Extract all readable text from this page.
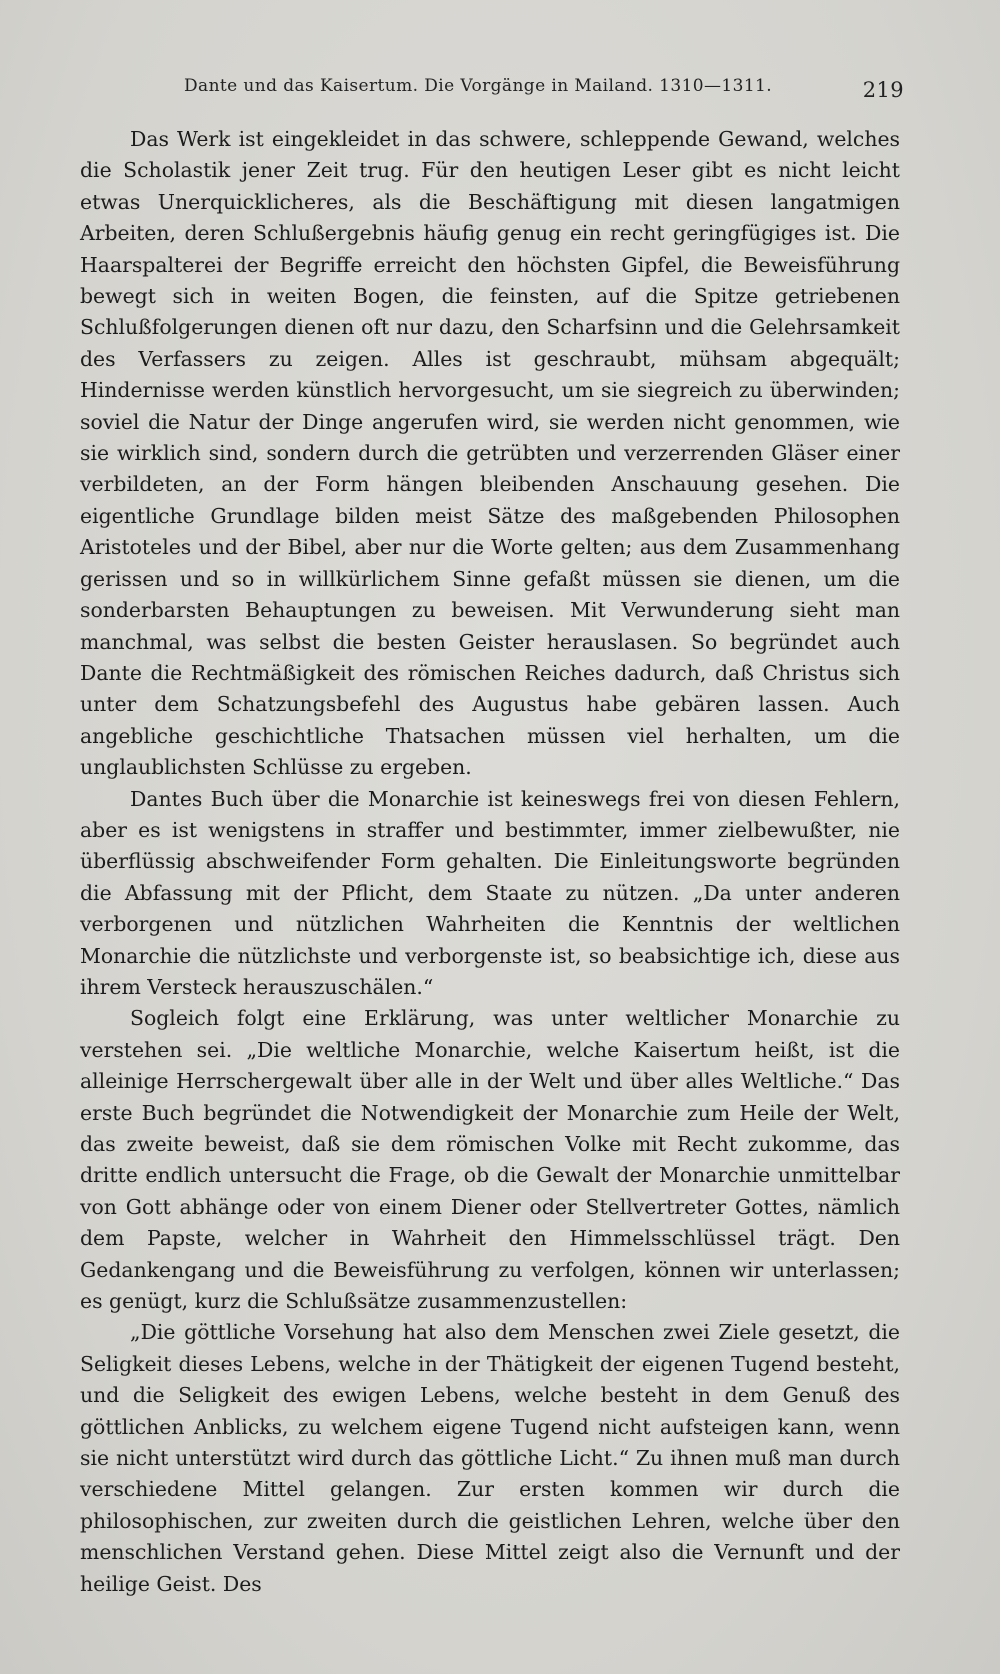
Dante und das Kaisertum. Die Vorgänge in Mailand. 1310—1311.	219

Das Werk ist eingekleidet in das schwere, schleppende Gewand, welches die Scholastik jener Zeit trug. Für den heutigen Leser gibt es nicht leicht etwas Unerquicklicheres, als die Beschäftigung mit diesen langatmigen Arbeiten, deren Schlußergebnis häufig genug ein recht geringfügiges ist. Die Haarspalterei der Begriffe erreicht den höchsten Gipfel, die Beweisführung bewegt sich in weiten Bogen, die feinsten, auf die Spitze getriebenen Schlußfolgerungen dienen oft nur dazu, den Scharfsinn und die Gelehrsamkeit des Verfassers zu zeigen. Alles ist geschraubt, mühsam abgequält; Hindernisse werden künstlich hervorgesucht, um sie siegreich zu überwinden; soviel die Natur der Dinge angerufen wird, sie werden nicht genommen, wie sie wirklich sind, sondern durch die getrübten und verzerrenden Gläser einer verbildeten, an der Form hängen bleibenden Anschauung gesehen. Die eigentliche Grundlage bilden meist Sätze des maßgebenden Philosophen Aristoteles und der Bibel, aber nur die Worte gelten; aus dem Zusammenhang gerissen und so in willkürlichem Sinne gefaßt müssen sie dienen, um die sonderbarsten Behauptungen zu beweisen. Mit Verwunderung sieht man manchmal, was selbst die besten Geister herauslasen. So begründet auch Dante die Rechtmäßigkeit des römischen Reiches dadurch, daß Christus sich unter dem Schatzungsbefehl des Augustus habe gebären lassen. Auch angebliche geschichtliche Thatsachen müssen viel herhalten, um die unglaublichsten Schlüsse zu ergeben.

Dantes Buch über die Monarchie ist keineswegs frei von diesen Fehlern, aber es ist wenigstens in straffer und bestimmter, immer zielbewußter, nie überflüssig abschweifender Form gehalten. Die Einleitungsworte begründen die Abfassung mit der Pflicht, dem Staate zu nützen. „Da unter anderen verborgenen und nützlichen Wahrheiten die Kenntnis der weltlichen Monarchie die nützlichste und verborgenste ist, so beabsichtige ich, diese aus ihrem Versteck herauszuschälen.“

Sogleich folgt eine Erklärung, was unter weltlicher Monarchie zu verstehen sei. „Die weltliche Monarchie, welche Kaisertum heißt, ist die alleinige Herrschergewalt über alle in der Welt und über alles Weltliche.“ Das erste Buch begründet die Notwendigkeit der Monarchie zum Heile der Welt, das zweite beweist, daß sie dem römischen Volke mit Recht zukomme, das dritte endlich untersucht die Frage, ob die Gewalt der Monarchie unmittelbar von Gott abhänge oder von einem Diener oder Stellvertreter Gottes, nämlich dem Papste, welcher in Wahrheit den Himmelsschlüssel trägt. Den Gedankengang und die Beweisführung zu verfolgen, können wir unterlassen; es genügt, kurz die Schlußsätze zusammenzustellen:

„Die göttliche Vorsehung hat also dem Menschen zwei Ziele gesetzt, die Seligkeit dieses Lebens, welche in der Thätigkeit der eigenen Tugend besteht, und die Seligkeit des ewigen Lebens, welche besteht in dem Genuß des göttlichen Anblicks, zu welchem eigene Tugend nicht aufsteigen kann, wenn sie nicht unterstützt wird durch das göttliche Licht.“ Zu ihnen muß man durch verschiedene Mittel gelangen. Zur ersten kommen wir durch die philosophischen, zur zweiten durch die geistlichen Lehren, welche über den menschlichen Verstand gehen. Diese Mittel zeigt also die Vernunft und der heilige Geist. Des
